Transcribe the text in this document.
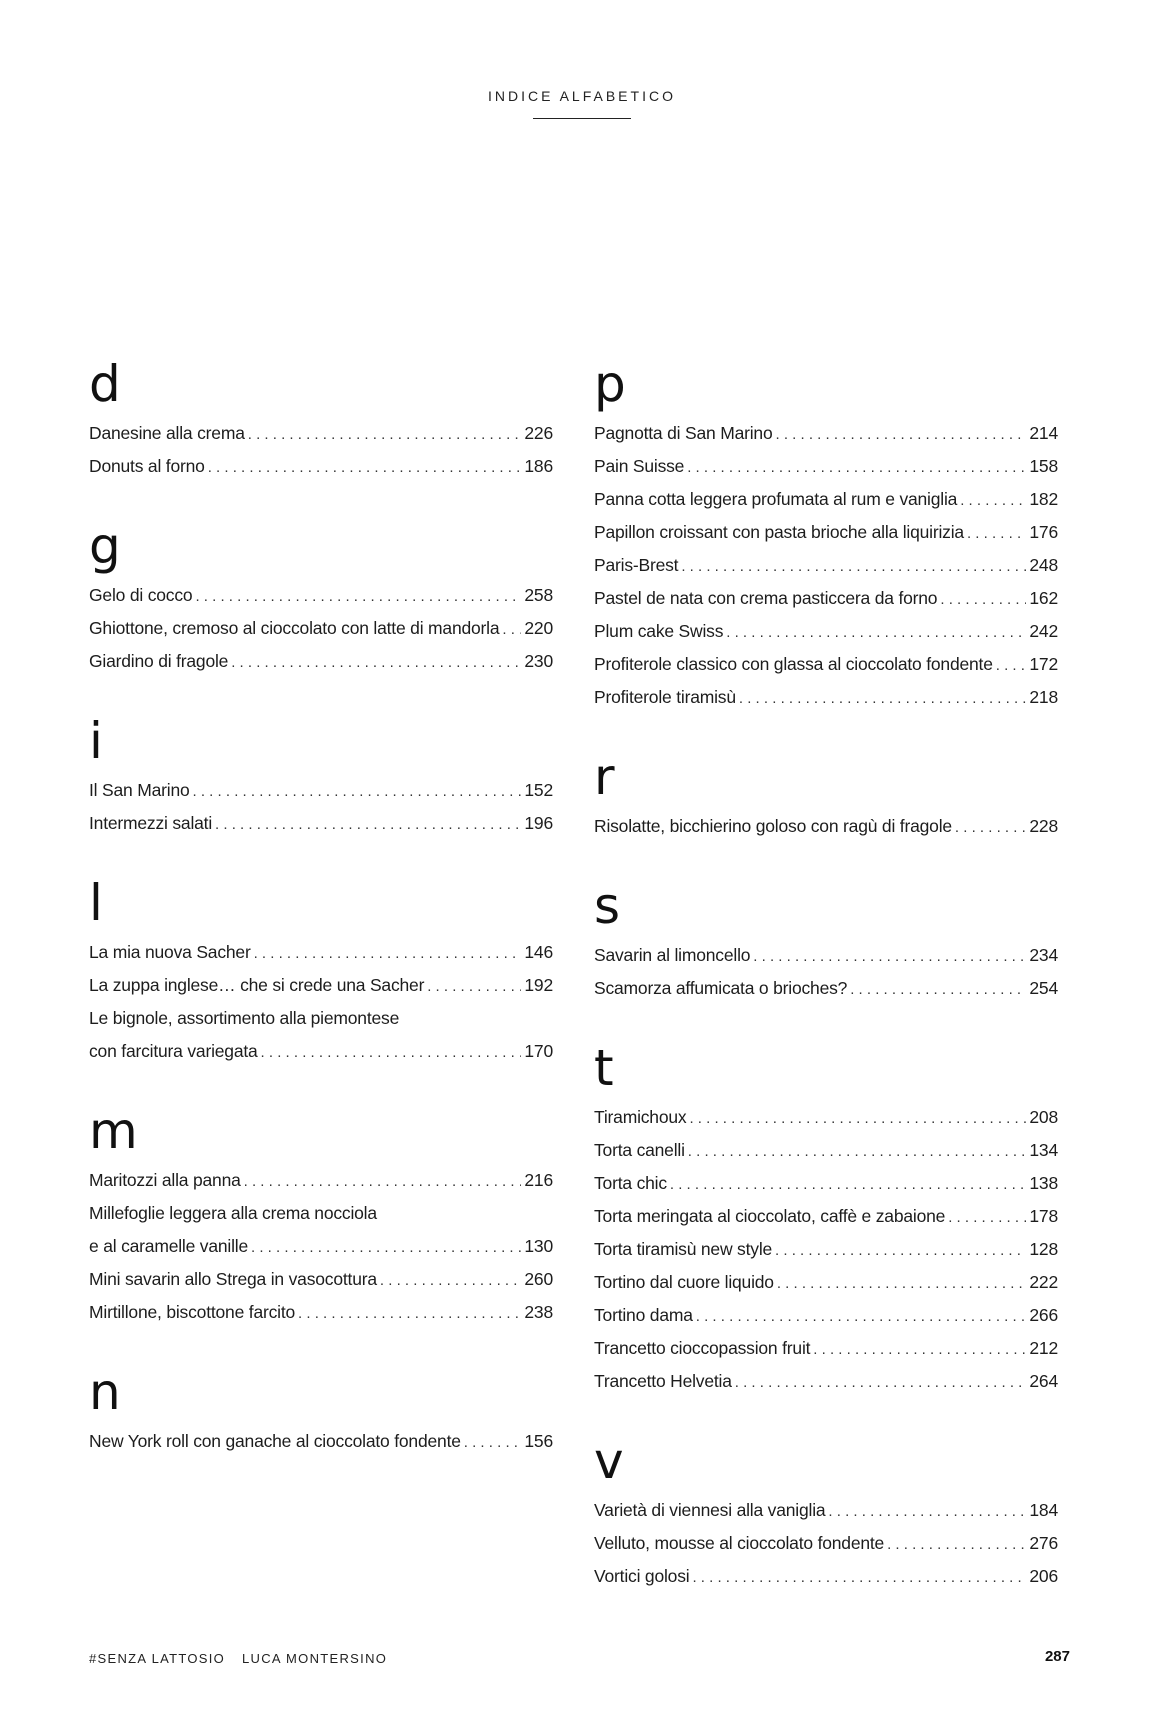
INDICE ALFABETICO
d
Danesine alla crema . . .	226
Donuts al forno . . .	186
g
Gelo di cocco . . .	258
Ghiottone, cremoso al cioccolato con latte di mandorla . . . 220
Giardino di fragole . . .	230
i
Il San Marino . . .	152
Intermezzi salati . . .	196
l
La mia nuova Sacher . . .	146
La zuppa inglese… che si crede una Sacher . . .	192
Le bignole, assortimento alla piemontese
con farcitura variegata . . .	170
m
Maritozzi alla panna . . .	216
Millefoglie leggera alla crema nocciola
e al caramelle vanille . . .	130
Mini savarin allo Strega in vasocottura . . .	260
Mirtillone, biscottone farcito . . .	238
n
New York roll con ganache al cioccolato fondente . . .	156
p
Pagnotta di San Marino . . .	214
Pain Suisse . . .	158
Panna cotta leggera profumata al rum e vaniglia . . .	182
Papillon croissant con pasta brioche alla liquirizia . . .	176
Paris-Brest . . .	248
Pastel de nata con crema pasticcera da forno . . .	162
Plum cake Swiss . . .	242
Profiterole classico con glassa al cioccolato fondente . . . 172
Profiterole tiramisù . . .	218
r
Risolatte, bicchierino goloso con ragù di fragole . . .	228
s
Savarin al limoncello . . .	234
Scamorza affumicata o brioches? . . .	254
t
Tiramichoux . . .	208
Torta canelli . . .	134
Torta chic . . .	138
Torta meringata al cioccolato, caffè e zabaione . . .	178
Torta tiramisù new style . . .	128
Tortino dal cuore liquido . . .	222
Tortino dama . . .	266
Trancetto cioccopassion fruit . . .	212
Trancetto Helvetia . . .	264
v
Varietà di viennesi alla vaniglia . . .	184
Velluto, mousse al cioccolato fondente . . .	276
Vortici golosi . . .	206
#SENZA LATTOSIO LUCA MONTERSINO	287
